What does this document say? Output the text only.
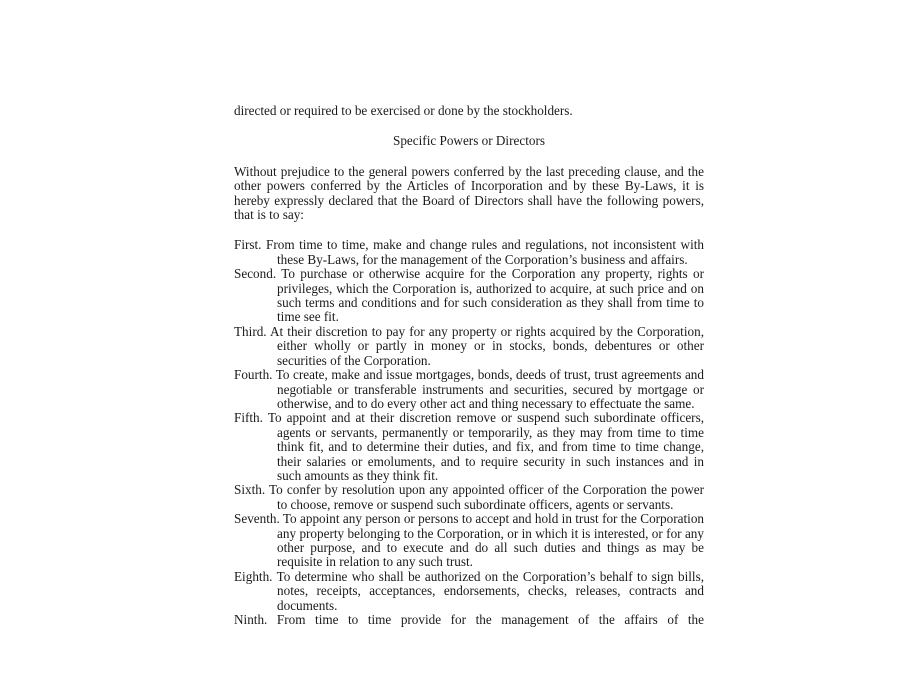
directed or required to be exercised or done by the stockholders.
Specific Powers or Directors
Without prejudice to the general powers conferred by the last preceding clause, and the other powers conferred by the Articles of Incorporation and by these By-Laws, it is hereby expressly declared that the Board of Directors shall have the following powers, that is to say:
First. From time to time, make and change rules and regulations, not inconsistent with these By-Laws, for the management of the Corporation’s business and affairs.
Second. To purchase or otherwise acquire for the Corporation any property, rights or privileges, which the Corporation is, authorized to acquire, at such price and on such terms and conditions and for such consideration as they shall from time to time see fit.
Third. At their discretion to pay for any property or rights acquired by the Corporation, either wholly or partly in money or in stocks, bonds, debentures or other securities of the Corporation.
Fourth. To create, make and issue mortgages, bonds, deeds of trust, trust agreements and negotiable or transferable instruments and securities, secured by mortgage or otherwise, and to do every other act and thing necessary to effectuate the same.
Fifth. To appoint and at their discretion remove or suspend such subordinate officers, agents or servants, permanently or temporarily, as they may from time to time think fit, and to determine their duties, and fix, and from time to time change, their salaries or emoluments, and to require security in such instances and in such amounts as they think fit.
Sixth. To confer by resolution upon any appointed officer of the Corporation the power to choose, remove or suspend such subordinate officers, agents or servants.
Seventh. To appoint any person or persons to accept and hold in trust for the Corporation any property belonging to the Corporation, or in which it is interested, or for any other purpose, and to execute and do all such duties and things as may be requisite in relation to any such trust.
Eighth. To determine who shall be authorized on the Corporation’s behalf to sign bills, notes, receipts, acceptances, endorsements, checks, releases, contracts and documents.
Ninth. From time to time provide for the management of the affairs of the
